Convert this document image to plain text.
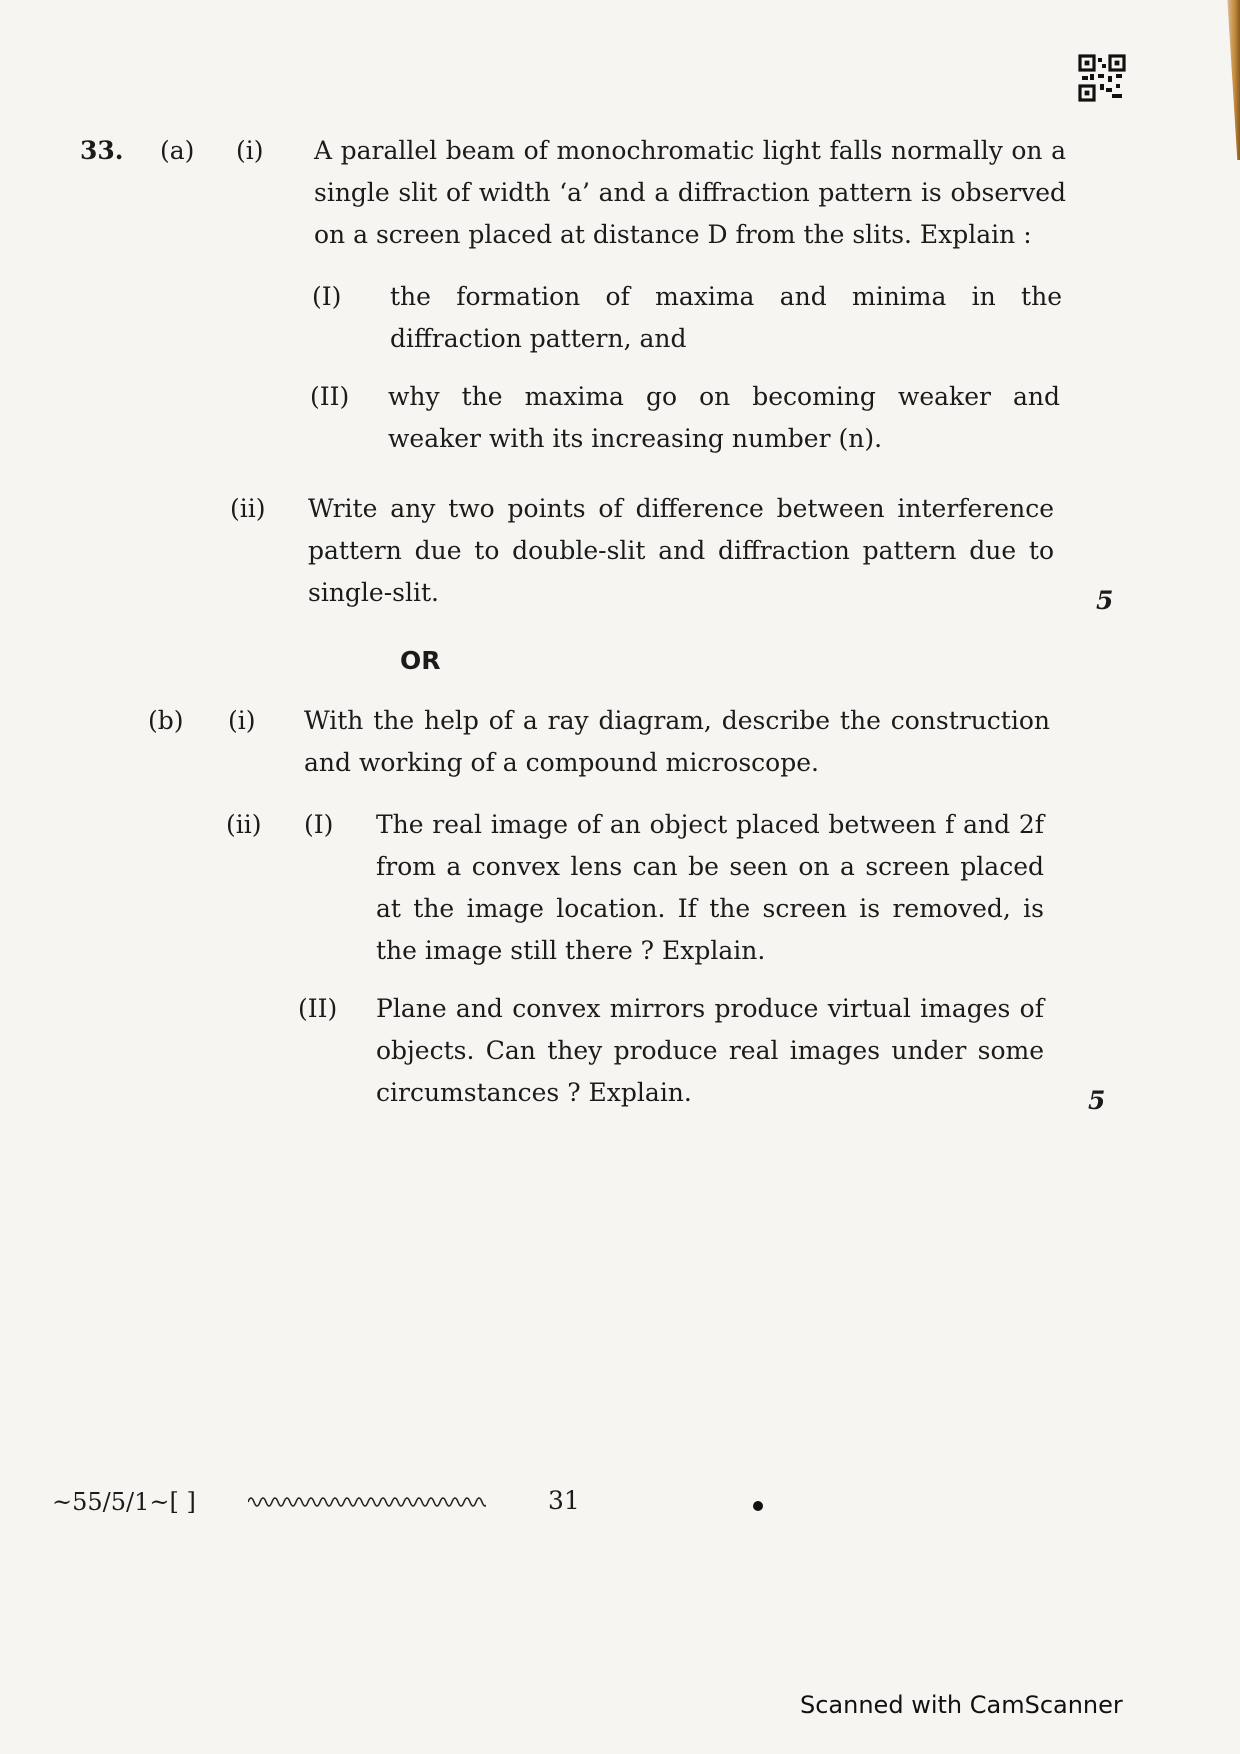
33. (a) (i) A parallel beam of monochromatic light falls normally on a single slit of width ‘a’ and a diffraction pattern is observed on a screen placed at distance D from the slits. Explain :
(I) the formation of maxima and minima in the diffraction pattern, and
(II) why the maxima go on becoming weaker and weaker with its increasing number (n).
(ii) Write any two points of difference between interference pattern due to double-slit and diffraction pattern due to single-slit.	5
OR
(b) (i) With the help of a ray diagram, describe the construction and working of a compound microscope.
(ii) (I) The real image of an object placed between f and 2f from a convex lens can be seen on a screen placed at the image location. If the screen is removed, is the image still there ? Explain.
(II) Plane and convex mirrors produce virtual images of objects. Can they produce real images under some circumstances ? Explain.	5
~55/5/1~[ ]	31
Scanned with CamScanner
